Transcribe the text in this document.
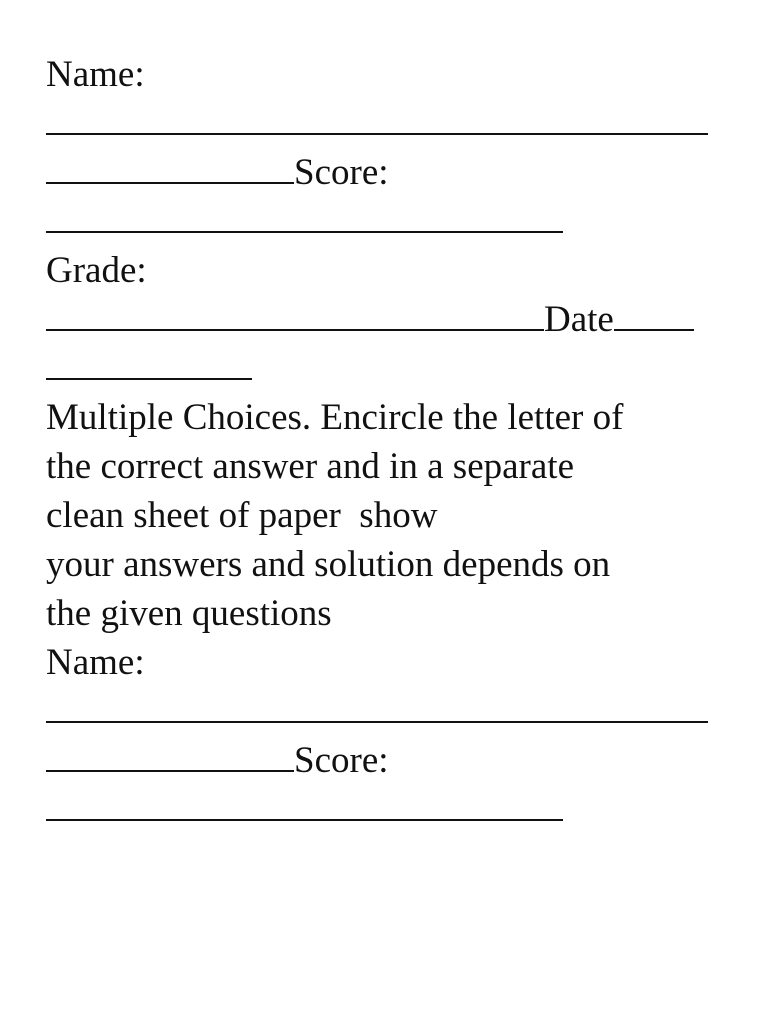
Name:
Score:
Grade:
Date
Multiple Choices. Encircle the letter of
the correct answer and in a separate
clean sheet of paper  show
your answers and solution depends on
the given questions
Name:
Score:
